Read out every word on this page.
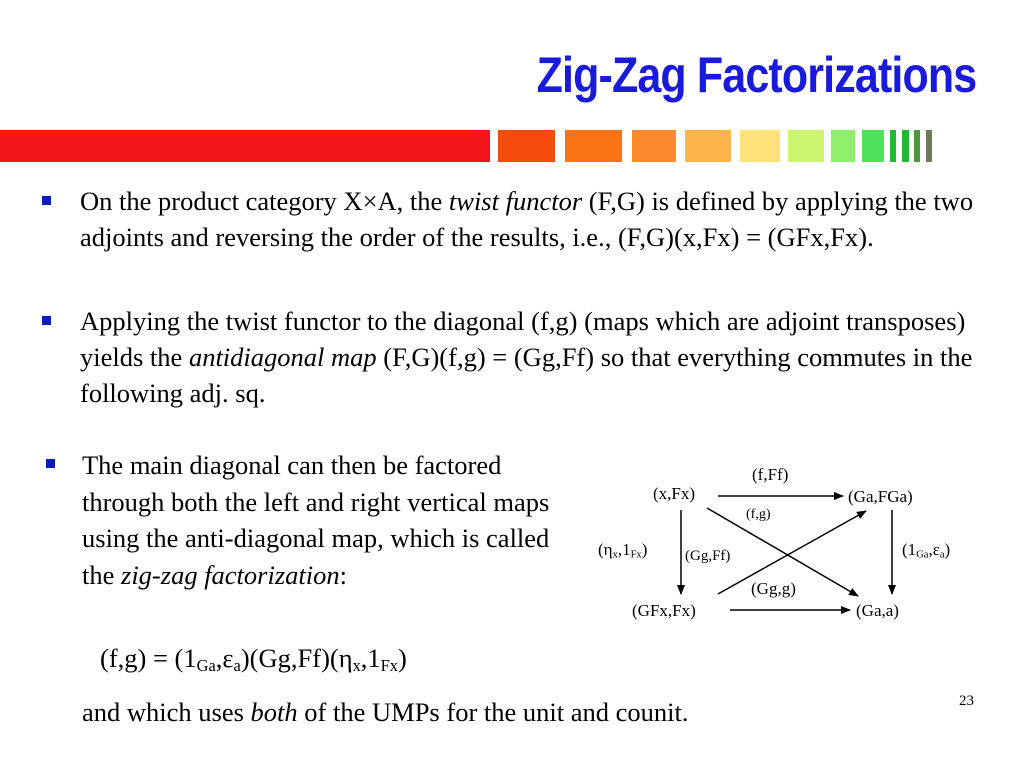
Zig-Zag Factorizations

On the product category X×A, the twist functor (F,G) is defined by applying the two adjoints and reversing the order of the results, i.e., (F,G)(x,Fx) = (GFx,Fx).

Applying the twist functor to the diagonal (f,g) (maps which are adjoint transposes) yields the antidiagonal map (F,G)(f,g) = (Gg,Ff) so that everything commutes in the following adj. sq.

The main diagonal can then be factored through both the left and right vertical maps using the anti-diagonal map, which is called the zig-zag factorization:

$(f,g) = (1_{Ga},\varepsilon_a)(Gg,Ff)(\eta_x,1_{Fx})$

and which uses both of the UMPs for the unit and counit.

(x,Fx)	(Ga,FGa)
(GFx,Fx)	(Ga,a)
(f,Ff)
(Gg,g)
(f,g)
(Gg,Ff)
$(\eta_x,1_{Fx})$	$(1_{Ga},\varepsilon_a)$
23
